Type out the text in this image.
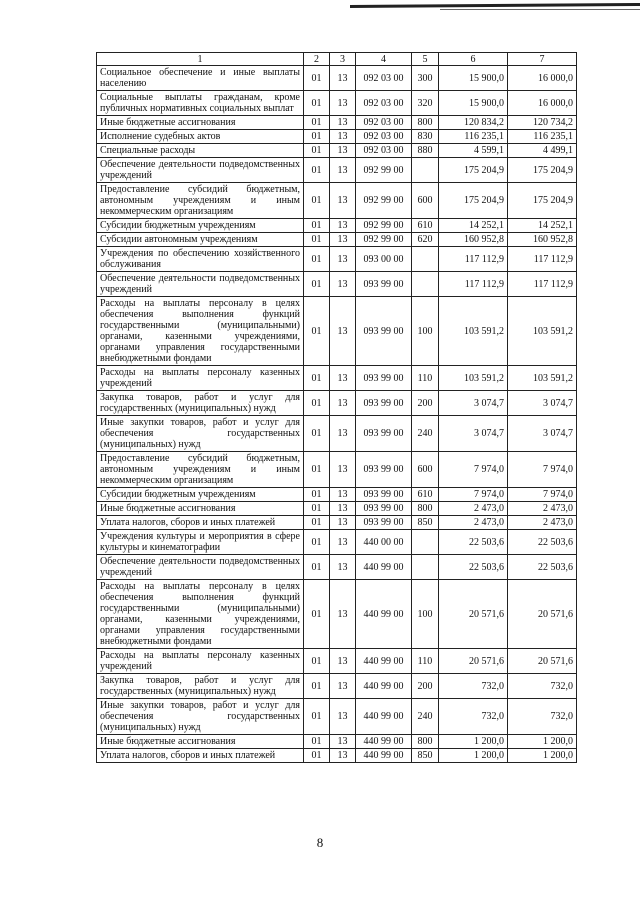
1	2	3	4	5	6	7
Социальное обеспечение и иные выплаты населению	01	13	092 03 00	300	15 900,0	16 000,0
Социальные выплаты гражданам, кроме публичных нормативных социальных выплат	01	13	092 03 00	320	15 900,0	16 000,0
Иные бюджетные ассигнования	01	13	092 03 00	800	120 834,2	120 734,2
Исполнение судебных актов	01	13	092 03 00	830	116 235,1	116 235,1
Специальные расходы	01	13	092 03 00	880	4 599,1	4 499,1
Обеспечение деятельности подведомственных учреждений	01	13	092 99 00		175 204,9	175 204,9
Предоставление субсидий бюджетным, автономным учреждениям и иным некоммерческим организациям	01	13	092 99 00	600	175 204,9	175 204,9
Субсидии бюджетным учреждениям	01	13	092 99 00	610	14 252,1	14 252,1
Субсидии автономным учреждениям	01	13	092 99 00	620	160 952,8	160 952,8
Учреждения по обеспечению хозяйственного обслуживания	01	13	093 00 00		117 112,9	117 112,9
Обеспечение деятельности подведомственных учреждений	01	13	093 99 00		117 112,9	117 112,9
Расходы на выплаты персоналу в целях обеспечения выполнения функций государственными (муниципальными) органами, казенными учреждениями, органами управления государственными внебюджетными фондами	01	13	093 99 00	100	103 591,2	103 591,2
Расходы на выплаты персоналу казенных учреждений	01	13	093 99 00	110	103 591,2	103 591,2
Закупка товаров, работ и услуг для государственных (муниципальных) нужд	01	13	093 99 00	200	3 074,7	3 074,7
Иные закупки товаров, работ и услуг для обеспечения государственных (муниципальных) нужд	01	13	093 99 00	240	3 074,7	3 074,7
Предоставление субсидий бюджетным, автономным учреждениям и иным некоммерческим организациям	01	13	093 99 00	600	7 974,0	7 974,0
Субсидии бюджетным учреждениям	01	13	093 99 00	610	7 974,0	7 974,0
Иные бюджетные ассигнования	01	13	093 99 00	800	2 473,0	2 473,0
Уплата налогов, сборов и иных платежей	01	13	093 99 00	850	2 473,0	2 473,0
Учреждения культуры и мероприятия в сфере культуры и кинематографии	01	13	440 00 00		22 503,6	22 503,6
Обеспечение деятельности подведомственных учреждений	01	13	440 99 00		22 503,6	22 503,6
Расходы на выплаты персоналу в целях обеспечения выполнения функций государственными (муниципальными) органами, казенными учреждениями, органами управления государственными внебюджетными фондами	01	13	440 99 00	100	20 571,6	20 571,6
Расходы на выплаты персоналу казенных учреждений	01	13	440 99 00	110	20 571,6	20 571,6
Закупка товаров, работ и услуг для государственных (муниципальных) нужд	01	13	440 99 00	200	732,0	732,0
Иные закупки товаров, работ и услуг для обеспечения государственных (муниципальных) нужд	01	13	440 99 00	240	732,0	732,0
Иные бюджетные ассигнования	01	13	440 99 00	800	1 200,0	1 200,0
Уплата налогов, сборов и иных платежей	01	13	440 99 00	850	1 200,0	1 200,0
8
